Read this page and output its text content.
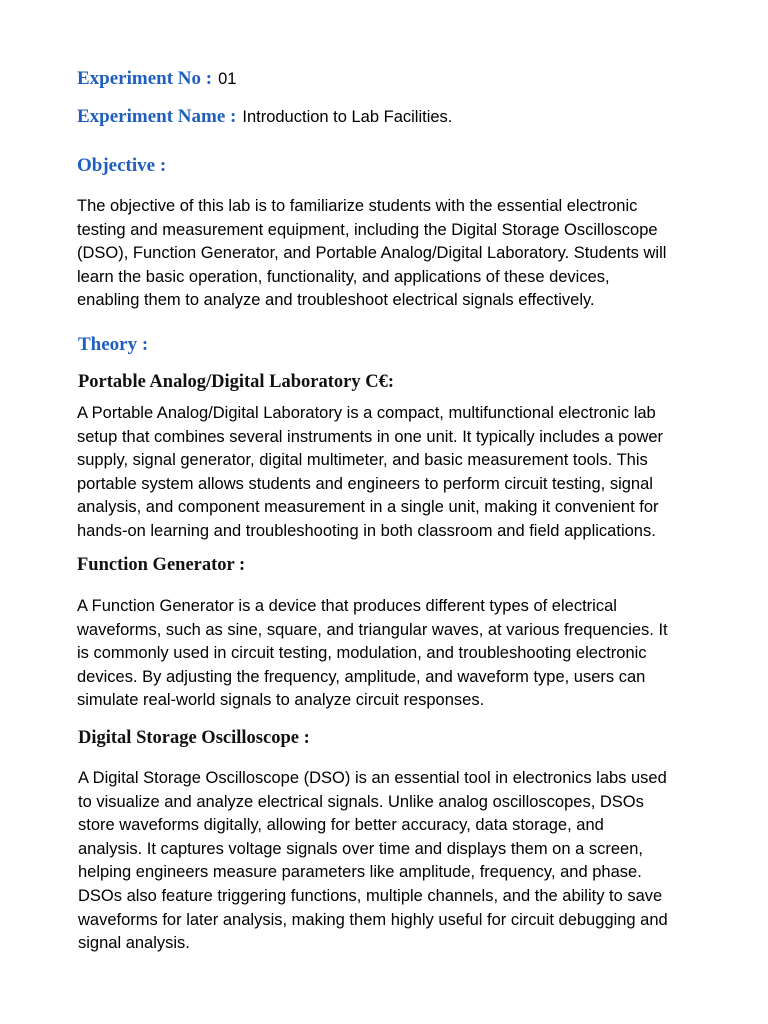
Experiment No : 01
Experiment Name : Introduction to Lab Facilities.
Objective :
The objective of this lab is to familiarize students with the essential electronic
testing and measurement equipment, including the Digital Storage Oscilloscope
(DSO), Function Generator, and Portable Analog/Digital Laboratory. Students will
learn the basic operation, functionality, and applications of these devices,
enabling them to analyze and troubleshoot electrical signals effectively.
Theory :
Portable Analog/Digital Laboratory C€:
A Portable Analog/Digital Laboratory is a compact, multifunctional electronic lab
setup that combines several instruments in one unit. It typically includes a power
supply, signal generator, digital multimeter, and basic measurement tools. This
portable system allows students and engineers to perform circuit testing, signal
analysis, and component measurement in a single unit, making it convenient for
hands-on learning and troubleshooting in both classroom and field applications.
Function Generator :
A Function Generator is a device that produces different types of electrical
waveforms, such as sine, square, and triangular waves, at various frequencies. It
is commonly used in circuit testing, modulation, and troubleshooting electronic
devices. By adjusting the frequency, amplitude, and waveform type, users can
simulate real-world signals to analyze circuit responses.
Digital Storage Oscilloscope :
A Digital Storage Oscilloscope (DSO) is an essential tool in electronics labs used
to visualize and analyze electrical signals. Unlike analog oscilloscopes, DSOs
store waveforms digitally, allowing for better accuracy, data storage, and
analysis. It captures voltage signals over time and displays them on a screen,
helping engineers measure parameters like amplitude, frequency, and phase.
DSOs also feature triggering functions, multiple channels, and the ability to save
waveforms for later analysis, making them highly useful for circuit debugging and
signal analysis.
